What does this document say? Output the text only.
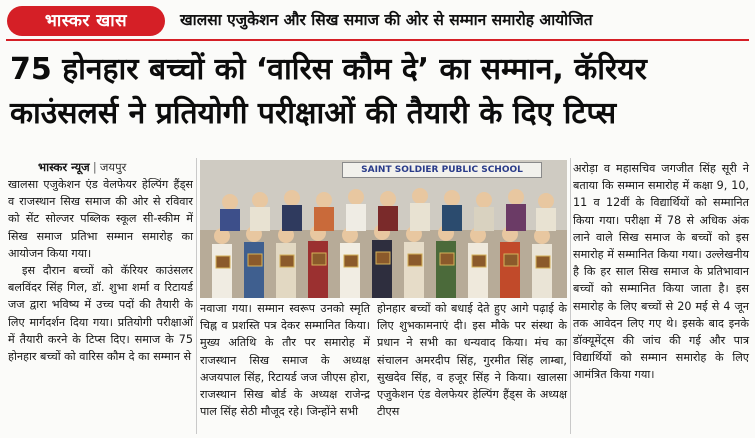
भास्कर खास	खालसा एजुकेशन और सिख समाज की ओर से सम्मान समारोह आयोजित
75 होनहार बच्चों को ‘वारिस कौम दे’ का सम्मान, कॅरियर
काउंसलर्स ने प्रतियोगी परीक्षाओं की तैयारी के दिए टिप्स
भास्कर न्यूज | जयपुर

खालसा एजुकेशन एंड वेलफेयर हेल्पिंग हैंड्स व राजस्थान सिख समाज की ओर से रविवार को सेंट सोल्जर पब्लिक स्कूल सी-स्कीम में सिख समाज प्रतिभा सम्मान समारोह का आयोजन किया गया।

इस दौरान बच्चों को कॅरियर काउंसलर बलविंदर सिंह गिल, डॉ. शुभा शर्मा व रिटायर्ड जज द्वारा भविष्य में उच्च पदों की तैयारी के लिए मार्गदर्शन दिया गया। प्रतियोगी परीक्षाओं में तैयारी करने के टिप्स दिए। समाज के 75 होनहार बच्चों को वारिस कौम दे का सम्मान से

SAINT SOLDIER PUBLIC SCHOOL

नवाजा गया। सम्मान स्वरूप उनको स्मृति चिह्न व प्रशस्ति पत्र देकर सम्मानित किया। मुख्य अतिथि के तौर पर समारोह में राजस्थान सिख समाज के अध्यक्ष अजयपाल सिंह, रिटायर्ड जज जीएस होरा, राजस्थान सिख बोर्ड के अध्यक्ष राजेन्द्र पाल सिंह सेठी मौजूद रहे। जिन्होंने सभी

होनहार बच्चों को बधाई देते हुए आगे पढ़ाई के लिए शुभकामनाएं दी। इस मौके पर संस्था के प्रधान ने सभी का धन्यवाद किया। मंच का संचालन अमरदीप सिंह, गुरमीत सिंह लाम्बा, सुखदेव सिंह, व हजूर सिंह ने किया। खालसा एजुकेशन एंड वेलफेयर हेल्पिंग हैंड्स के अध्यक्ष टीएस

अरोड़ा व महासचिव जगजीत सिंह सूरी ने बताया कि सम्मान समारोह में कक्षा 9, 10, 11 व 12वीं के विद्यार्थियों को सम्मानित किया गया। परीक्षा में 78 से अधिक अंक लाने वाले सिख समाज के बच्चों को इस समारोह में सम्मानित किया गया। उल्लेखनीय है कि हर साल सिख समाज के प्रतिभावान बच्चों को सम्मानित किया जाता है। इस समारोह के लिए बच्चों से 20 मई से 4 जून तक आवेदन लिए गए थे। इसके बाद इनके डॉक्यूमेंट्स की जांच की गई और पात्र विद्यार्थियों को सम्मान समारोह के लिए आमंत्रित किया गया।
